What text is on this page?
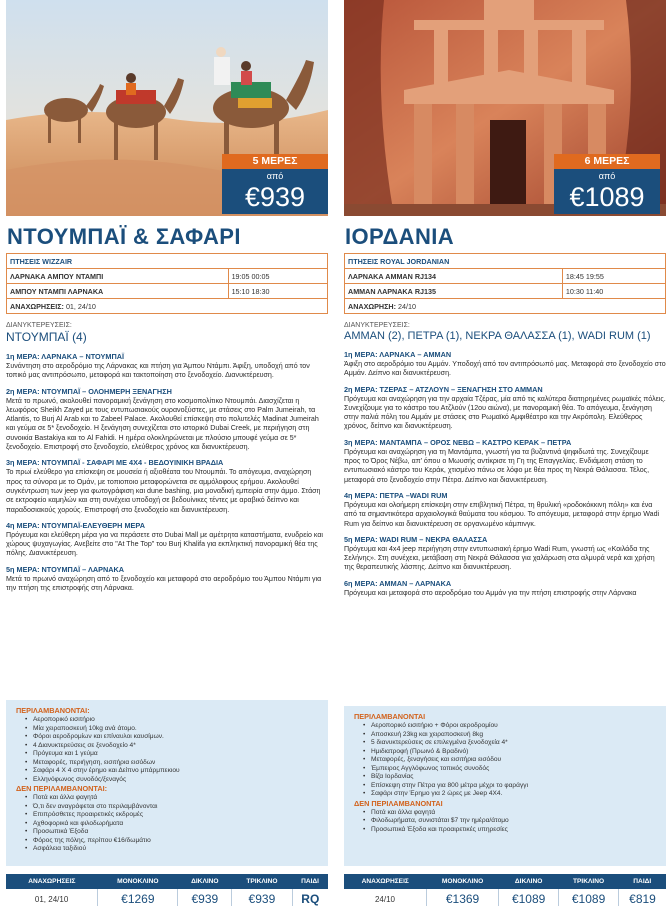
5 ΜΕΡΕΣ
από
€939
ΝΤΟΥΜΠΑΪ & ΣΑΦΑΡΙ
ΠΤΗΣΕΙΣ WIZZAIR	
ΛΑΡΝΑΚΑ ΑΜΠΟΥ ΝΤΑΜΠΙ	19:05 00:05
ΑΜΠΟΥ ΝΤΑΜΠΙ ΛΑΡΝΑΚΑ	15:10 18:30
ΑΝΑΧΩΡΗΣΕΙΣ: 01, 24/10	
ΔΙΑΝΥΚΤΕΡΕΥΣΕΙΣ:
ΝΤΟΥΜΠΑΪ (4)
1η ΜΕΡΑ: ΛΑΡΝΑΚΑ – ΝΤΟΥΜΠΑΪ
Συνάντηση στο αεροδρόμιο της Λάρνακας και πτήση για Άμπου Ντάμπι. Άφιξη, υποδοχή από τον τοπικό μας αντιπρόσωπο, μεταφορά και τακτοποίηση στο ξενοδοχείο. Διανυκτέρευση.
2η ΜΕΡΑ: ΝΤΟΥΜΠΑΪ – ΟΛΟΗΜΕΡΗ ΞΕΝΑΓΗΣΗ
Μετά το πρωινό, ακολουθεί πανοραμική ξενάγηση στο κοσμοπολίτικο Ντουμπάι. Διασχίζεται η λεωφόρος Sheikh Zayed με τους εντυπωσιακούς ουρανοξύστες, με στάσεις στο Palm Jumeirah, τα Atlantis, το Burj Al Arab και το Zabeel Palace. Ακολουθεί επίσκεψη στο πολυτελές Madinat Jumeirah και γεύμα σε 5* ξενοδοχείο. Η ξενάγηση συνεχίζεται στο ιστορικό Dubai Creek, με περιήγηση στη συνοικία Bastakiya και το Al Fahidi. Η ημέρα ολοκληρώνεται με πλούσιο μπουφέ γεύμα σε 5* ξενοδοχείο. Επιστροφή στο ξενοδοχείο, ελεύθερος χρόνος και διανυκτέρευση.
3η ΜΕΡΑ: ΝΤΟΥΜΠΑΪ - ΣΑΦΑΡΙ ΜΕ 4Χ4 - ΒΕΔΟΥΙΝΙΚΗ ΒΡΑΔΙΑ
Το πρωί ελεύθερο για επίσκεψη σε μουσεία ή αξιοθέατα του Ντουμπάι. Το απόγευμα, αναχώρηση προς τα σύνορα με το Ομάν, με τοπιοποιο μεταφορώνεται σε αμμόλοφους ερήμου. Ακολουθεί συγκέντρωση των jeep για φωτογράφιση και dune bashing, μια μοναδική εμπειρία στην άμμο. Στάση σε εκτροφείο καμηλών και στη συνέχεια υποδοχή σε βεδουίνικες τέντες με αραβικό δείπνο και παραδοσιακούς χορούς. Επιστροφή στο ξενοδοχείο και διανυκτέρευση.
4η ΜΕΡΑ: ΝΤΟΥΜΠΑΪ-ΕΛΕΥΘΕΡΗ ΜΕΡΑ
Πρόγευμα και ελεύθερη μέρα για να περάσετε στο Dubai Mall με αμέτρητα καταστήματα, ενυδρείο και χώρους ψυχαγωγίας. Ανεβείτε στο "At The Top" του Burj Khalifa για εκπληκτική πανοραμική θέα της πόλης. Διανυκτέρευση.
5η ΜΕΡΑ: ΝΤΟΥΜΠΑΪ – ΛΑΡΝΑΚΑ
Μετά το πρωινό αναχώρηση από το ξενοδοχείο και μεταφορά στο αεροδρόμιο του Άμπου Ντάμπι για την πτήση της επιστροφής στη Λάρνακα.
ΠΕΡΙΛΑΜΒΑΝΟΝΤΑΙ:
• Αεροπορικό εισιτήριο
• Μία χειραποσκευή 10kg ανά άτομο.
• Φόροι αεροδρομίων και επίναυλοι καυσίμων.
• 4 Διανυκτερεύσεις σε ξενοδοχείο 4*
• Πρόγευμα και 1 γεύμα
• Μεταφορές, περιήγηση, εισιτήρια εισόδων
• Σαφάρι 4 Χ 4 στην έρημο και Δείπνο μπάρμπεκιου
• Ελληνόφωνος συνοδός/ξεναγός
ΔΕΝ ΠΕΡΙΛΑΜΒΑΝΟΝΤΑΙ:
• Ποτά και άλλα φαγητά
• Ό,τι δεν αναγράφεται στο περιλαμβάνονται
• Επιπρόσθετες προαιρετικές εκδρομές
• Αχθοφορικά και φιλοδωρήματα
• Προσωπικά Έξοδα
• Φόρος της πόλης, περίπου €16/δωμάτιο
• Ασφάλεια ταξιδιού
ΑΝΑΧΩΡΗΣΕΙΣ	ΜΟΝΟΚΛΙΝΟ	ΔΙΚΛΙΝΟ	ΤΡΙΚΛΙΝΟ	ΠΑΙΔΙ
01, 24/10	€1269	€939	€939	RQ
6 ΜΕΡΕΣ
από
€1089
ΙΟΡΔΑΝΙΑ
ΠΤΗΣΕΙΣ ROYAL JORDANIAN	
ΛΑΡΝΑΚΑ ΑΜΜΑΝ RJ134	18:45 19:55
ΑΜΜΑΝ ΛΑΡΝΑΚΑ RJ135	10:30 11:40
ΑΝΑΧΩΡΗΣΗ: 24/10	
ΔΙΑΝΥΚΤΕΡΕΥΣΕΙΣ:
ΑΜΜΑΝ (2), ΠΕΤΡΑ (1), ΝΕΚΡΑ ΘΑΛΑΣΣΑ (1), WADI RUM (1)
1η ΜΕΡΑ: ΛΑΡΝΑΚΑ – ΑΜΜΑΝ
Άφιξη στο αεροδρόμιο του Αμμάν. Υποδοχή από τον αντιπρόσωπό μας. Μεταφορά στο ξενοδοχείο στο Αμμάν. Δείπνο και διανυκτέρευση.
2η ΜΕΡΑ: ΤΖΕΡΑΣ – ΑΤΖΛΟΥΝ – ΞΕΝΑΓΗΣΗ ΣΤΟ ΑΜΜΑΝ
Πρόγευμα και αναχώρηση για την αρχαία Τζέρας, μία από τις καλύτερα διατηρημένες ρωμαϊκές πόλεις. Συνεχίζουμε για το κάστρο του Ατζλούν (12ου αιώνα), με πανοραμική θέα. Το απόγευμα, ξενάγηση στην παλιά πόλη του Αμμάν με στάσεις στο Ρωμαϊκό Αμφιθέατρο και την Ακρόπολη. Ελεύθερος χρόνος, δείπνο και διανυκτέρευση.
3η ΜΕΡΑ: ΜΑΝΤΑΜΠΑ – ΟΡΟΣ ΝΕΒΩ – ΚΑΣΤΡΟ ΚΕΡΑΚ – ΠΕΤΡΑ
Πρόγευμα και αναχώρηση για τη Μαντάμπα, γνωστή για τα βυζαντινά ψηφιδωτά της. Συνεχίζουμε προς το Όρος Νέβω, απ' όπου ο Μωυσής αντίκρισε τη Γη της Επαγγελίας. Ενδιάμεση στάση το εντυπωσιακό κάστρο του Κεράκ, χτισμένο πάνω σε λόφο με θέα προς τη Νεκρά Θάλασσα. Τέλος, μεταφορά στο ξενοδοχείο στην Πέτρα. Δείπνο και διανυκτέρευση.
4η ΜΕΡΑ: ΠΕΤΡΑ –WADI RUM
Πρόγευμα και ολοήμερη επίσκεψη στην επιβλητική Πέτρα, τη θρυλική «ροδοκόκκινη πόλη» και ένα από τα σημαντικότερα αρχαιολογικά θαύματα του κόσμου. Το απόγευμα, μεταφορά στην έρημο Wadi Rum για δείπνο και διανυκτέρευση σε οργανωμένο κάμπινγκ.
5η ΜΕΡΑ: WADI RUM – ΝΕΚΡΑ ΘΑΛΑΣΣΑ
Πρόγευμα και 4x4 jeep περιήγηση στην εντυπωσιακή έρημο Wadi Rum, γνωστή ως «Κοιλάδα της Σελήνης». Στη συνέχεια, μετάβαση στη Νεκρά Θάλασσα για χαλάρωση στα αλμυρά νερά και χρήση της θεραπευτικής λάσπης. Δείπνο και διανυκτέρευση.
6η ΜΕΡΑ: ΑΜΜΑΝ – ΛΑΡΝΑΚΑ
Πρόγευμα και μεταφορά στο αεροδρόμιο του Αμμάν για την πτήση επιστροφής στην Λάρνακα
ΠΕΡΙΛΑΜΒΑΝΟΝΤΑΙ
• Αεροπορικό εισιτήριο + Φόροι αεροδρομίου
• Αποσκευή 23kg και χειραποσκευή 8kg
• 5 διανυκτερεύσεις σε επιλεγμένα ξενοδοχεία 4*
• Ημιδιατροφή (Πρωινό & Βραδινό)
• Μεταφορές, ξεναγήσεις και εισιτήρια εισόδου
• Έμπειρος Αγγλόφωνος τοπικός συνοδός
• Βίζα Ιορδανίας
• Επίσκεψη στην Πέτρα για 800 μέτρα μέχρι το φαράγγι
• Σαφάρι στην Έρημο για 2 ώρες με Jeep 4X4.
ΔΕΝ ΠΕΡΙΛΑΜΒΑΝΟΝΤΑΙ
• Ποτά και άλλα φαγητά
• Φιλοδωρήματα, συνιστάται $7 την ημέρα/άτομο
• Προσωπικά Έξοδα και προαιρετικές υπηρεσίες
ΑΝΑΧΩΡΗΣΕΙΣ	ΜΟΝΟΚΛΙΝΟ	ΔΙΚΛΙΝΟ	ΤΡΙΚΛΙΝΟ	ΠΑΙΔΙ
24/10	€1369	€1089	€1089	€819
